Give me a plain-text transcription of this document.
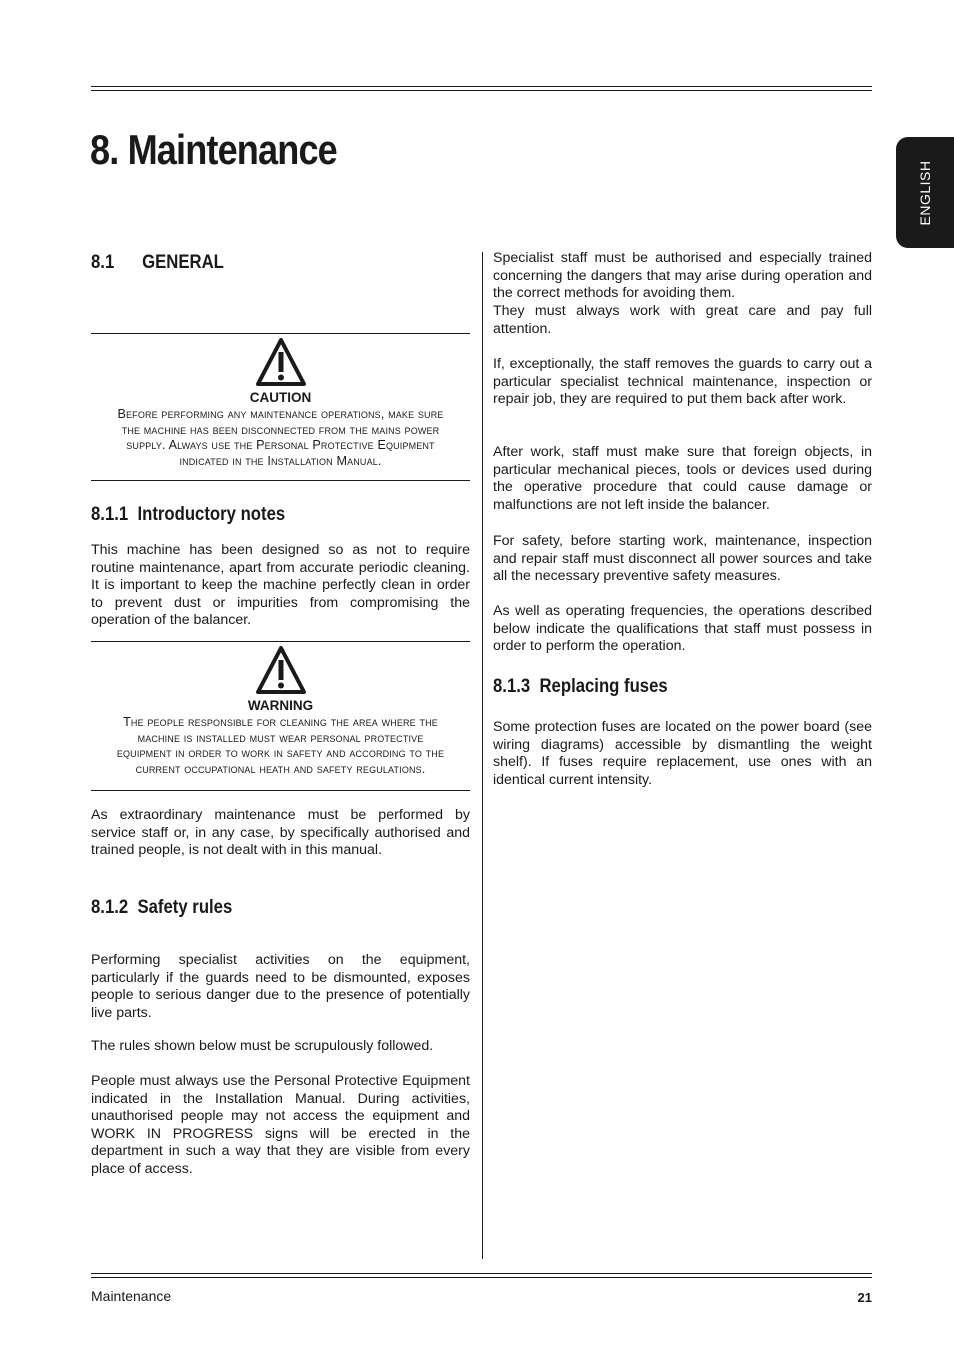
8. Maintenance
ENGLISH
8.1      GENERAL
CAUTION
Before performing any maintenance operations, make sure the machine has been disconnected from the mains power supply. Always use the Personal Protective Equipment indicated in the Installation Manual.
8.1.1  Introductory notes

This machine has been designed so as not to require routine maintenance, apart from accurate periodic cleaning. It is important to keep the machine perfectly clean in order to prevent dust or impurities from compromising the operation of the balancer.

WARNING
The people responsible for cleaning the area where the machine is installed must wear personal protective equipment in order to work in safety and according to the current occupational heath and safety regulations.

As extraordinary maintenance must be performed by service staff or, in any case, by specifically authorised and trained people, is not dealt with in this manual.

8.1.2  Safety rules

Performing specialist activities on the equipment, particularly if the guards need to be dismounted, exposes people to serious danger due to the presence of potentially live parts.

The rules shown below must be scrupulously followed.

People must always use the Personal Protective Equipment indicated in the Installation Manual. During activities, unauthorised people may not access the equipment and WORK IN PROGRESS signs will be erected in the department in such a way that they are visible from every place of access.

Specialist staff must be authorised and especially trained concerning the dangers that may arise during operation and the correct methods for avoiding them.

They must always work with great care and pay full attention.

If, exceptionally, the staff removes the guards to carry out a particular specialist technical maintenance, inspection or repair job, they are required to put them back after work.

After work, staff must make sure that foreign objects, in particular mechanical pieces, tools or devices used during the operative procedure that could cause damage or malfunctions are not left inside the balancer.

For safety, before starting work, maintenance, inspection and repair staff must disconnect all power sources and take all the necessary preventive safety measures.

As well as operating frequencies, the operations described below indicate the qualifications that staff must possess in order to perform the operation.

8.1.3  Replacing fuses

Some protection fuses are located on the power board (see wiring diagrams) accessible by dismantling the weight shelf). If fuses require replacement, use ones with an identical current intensity.

Maintenance	21
